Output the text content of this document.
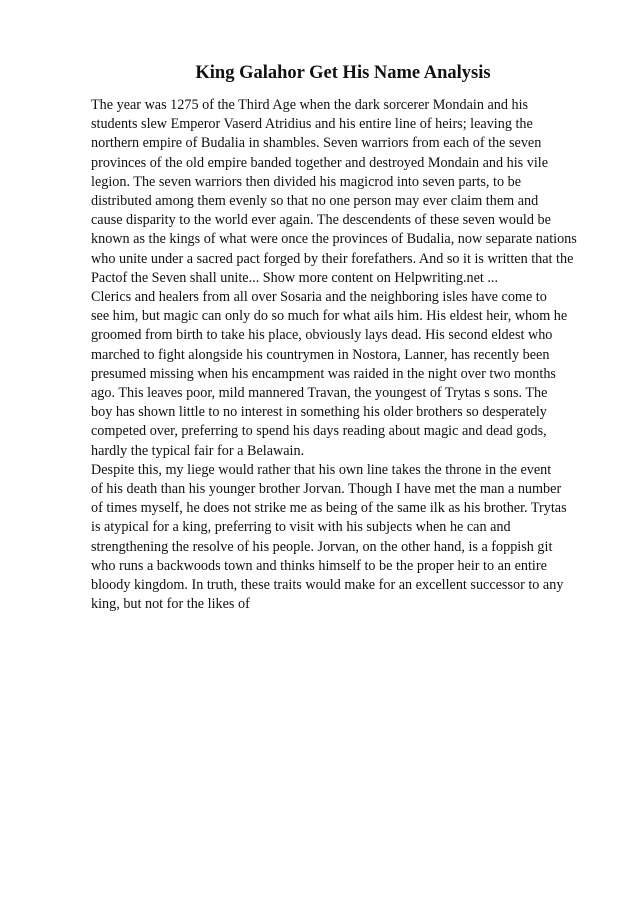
King Galahor Get His Name Analysis
The year was 1275 of the Third Age when the dark sorcerer Mondain and his
students slew Emperor Vaserd Atridius and his entire line of heirs; leaving the
northern empire of Budalia in shambles. Seven warriors from each of the seven
provinces of the old empire banded together and destroyed Mondain and his vile
legion. The seven warriors then divided his magicrod into seven parts, to be
distributed among them evenly so that no one person may ever claim them and
cause disparity to the world ever again. The descendents of these seven would be
known as the kings of what were once the provinces of Budalia, now separate nations
who unite under a sacred pact forged by their forefathers. And so it is written that the
Pactof the Seven shall unite... Show more content on Helpwriting.net ...
Clerics and healers from all over Sosaria and the neighboring isles have come to
see him, but magic can only do so much for what ails him. His eldest heir, whom he
groomed from birth to take his place, obviously lays dead. His second eldest who
marched to fight alongside his countrymen in Nostora, Lanner, has recently been
presumed missing when his encampment was raided in the night over two months
ago. This leaves poor, mild mannered Travan, the youngest of Trytas s sons. The
boy has shown little to no interest in something his older brothers so desperately
competed over, preferring to spend his days reading about magic and dead gods,
hardly the typical fair for a Belawain.
Despite this, my liege would rather that his own line takes the throne in the event
of his death than his younger brother Jorvan. Though I have met the man a number
of times myself, he does not strike me as being of the same ilk as his brother. Trytas
is atypical for a king, preferring to visit with his subjects when he can and
strengthening the resolve of his people. Jorvan, on the other hand, is a foppish git
who runs a backwoods town and thinks himself to be the proper heir to an entire
bloody kingdom. In truth, these traits would make for an excellent successor to any
king, but not for the likes of
